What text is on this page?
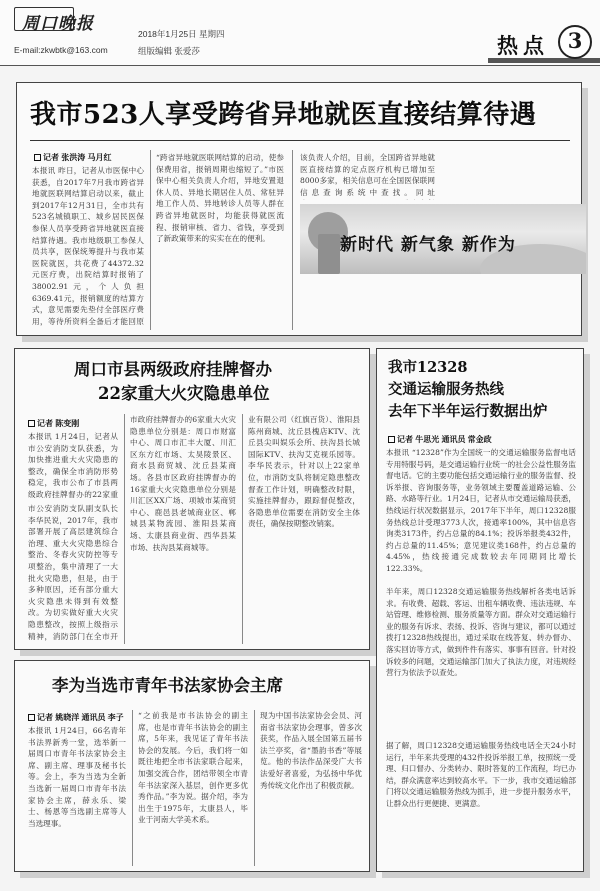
周口晚报
E-mail:zkwbtk@163.com
2018年1月25日 星期四
组版编辑 张爱莎	热点 3
我市523人享受跨省异地就医直接结算待遇
记者 张洪涛 马月红
本报讯 昨日，记者从市医保中心获悉，自2017年7月我市跨省异地就医联网结算启动以来，截止到2017年12月31日，全市共有523名城镇职工、城乡居民医保参保人员享受跨省异地就医直接结算待遇。我市地级职工参保人员共享，医保统筹提升与我市某医院就医，共花费了44372.32元医疗费，出院结算时报销了38002.91元，个人负担6369.41元，报销额度的结算方式，意见需要先垫付全部医疗费用，等待所资料全备后才能回原
“跨省异地就医联网结算的启动，使参保费用省，报销周期也缩短了。”市医保中心相关负责人介绍，异地安置退休人员、异地长期居住人员、常驻异地工作人员、异地转诊人员等人群在跨省异地就医时，均能获得就医流程、报销审核、省力、省钱，享受到了新政策带来的实实在在的便利。
该负责人介绍，目前，全国跨省异地就医直接结算的定点医疗机构已增加至8000多家，相关信息可在全国医保联网信息查询系统中查找。同址
新时代 新气象 新作为
周口市县两级政府挂牌督办
22家重大火灾隐患单位
记者 陈变刚
本报讯 1月24日，记者从市公安消防支队获悉，为加快推进重大火灾隐患的整改，确保全市消防形势稳定，我市公布了市县两级政府挂牌督办的22家重
市公安消防支队副支队长李华民说，2017年，我市部署开展了高层建筑综合治理、重大火灾隐患综合整治、冬春火灾防控等专项整治，集中清理了一大批火灾隐患，但是，由于多种原因，还有部分重大火灾隐患未得到有效整改。为切实做好重大火灾隐患整改，按照上级指示精神，消防部门在全市开
市政府挂牌督办的6家重大火灾隐患单位分别是：周口市财富中心、周口市汇丰大厦、川汇区东方红市场、太昊陵景区、商水县商贸城、沈丘县某商场。各县市区政府挂牌督办的16家重大火灾隐患单位分别是川汇区XX广场、项城市某商贸中心、鹿邑县老城商业区、郸城县某物流园、淮阳县某商场、太康县商业街、西华县某市场、扶沟县某商城等。
业有限公司（红旗百货）、淮阳县陈州商城、沈丘县槐店KTV、沈丘县尖叫娱乐会所、扶沟县长城国际KTV、扶沟艾克视乐园等。李华民表示，针对以上22家单位，市消防支队将制定隐患整改督查工作计划，明确整改时限，实施挂牌督办，跟踪督促整改，各隐患单位需要在消防安全主体责任，确保按期整改销案。
我市12328
交通运输服务热线
去年下半年运行数据出炉
记者 牛思光 通讯员 常金政
本报讯 “12328”作为全国统一的交通运输服务监督电话专用特服号码，是交通运输行业统一的社会公益性服务监督电话。它的主要功能包括交通运输行业的服务监督、投诉举报、咨询服务等，业务领域主要覆盖道路运输、公路、水路等行业。1月24日，记者从市交通运输局获悉，热线运行状况数据显示，2017年下半年，周口12328服务热线总计受理3773人次，接通率100%，其中信息咨询类3173件，约占总量的84.1%；投诉举报类432件，约占总量的11.45%；意见建议类168件，约占总量的4.45%，热线接通完成数较去年同期同比增长122.33%。
半年来，周口12328交通运输服务热线解析各类电话诉求。有收费、超载、客运、出租车辆收费、违法违规、车站管理、维修检测、服务质量等方面。群众对交通运输行业的服务有诉求、表扬、投诉、咨询与建议，都可以通过拨打12328热线提出，通过采取在线答复、转办督办、落实回访等方式，做到件件有落实、事事有回音。针对投诉较多的问题，交通运输部门加大了执法力度，对违规经营行为依法予以查处。
据了解，周口12328交通运输服务热线电话全天24小时运行，半年来共受理的432件投诉举报工单，按照统一受理、归口督办、分类转办、限时答复的工作流程，均已办结，群众满意率达到较高水平。下一步，我市交通运输部门将以交通运输服务热线为抓手，进一步提升服务水平，让群众出行更便捷、更满意。
李为当选市青年书法家协会主席
记者 姚晓洋 通讯员 李子
本报讯 1月24日，66名青年书法界新秀一堂，选举新一届周口市青年书法家协会主席、副主席、理事及秘书长等。会上，李为当选为全新当选新一届周口市青年书法家协会主席，薛永乐、梁士、杨恩等当选副主席等人当选理事。
“之前我是市书法协会的副主席，也是市青年书法协会的副主席，5年来，我见证了青年书法协会的发展。今后，我们将一如既往地把全市书法家联合起来，加强交流合作，团结带领全市青年书法家深入基层，创作更多优秀作品。”李为说。据介绍，李为出生于1975年，太康县人，毕业于河南大学美术系。
现为中国书法家协会会员、河南省书法家协会理事，曾多次获奖，作品入展全国第五届书法兰亭奖，省“墨韵书香”等展览。他的书法作品深受广大书法爱好者喜爱，为弘扬中华优秀传统文化作出了积极贡献。
